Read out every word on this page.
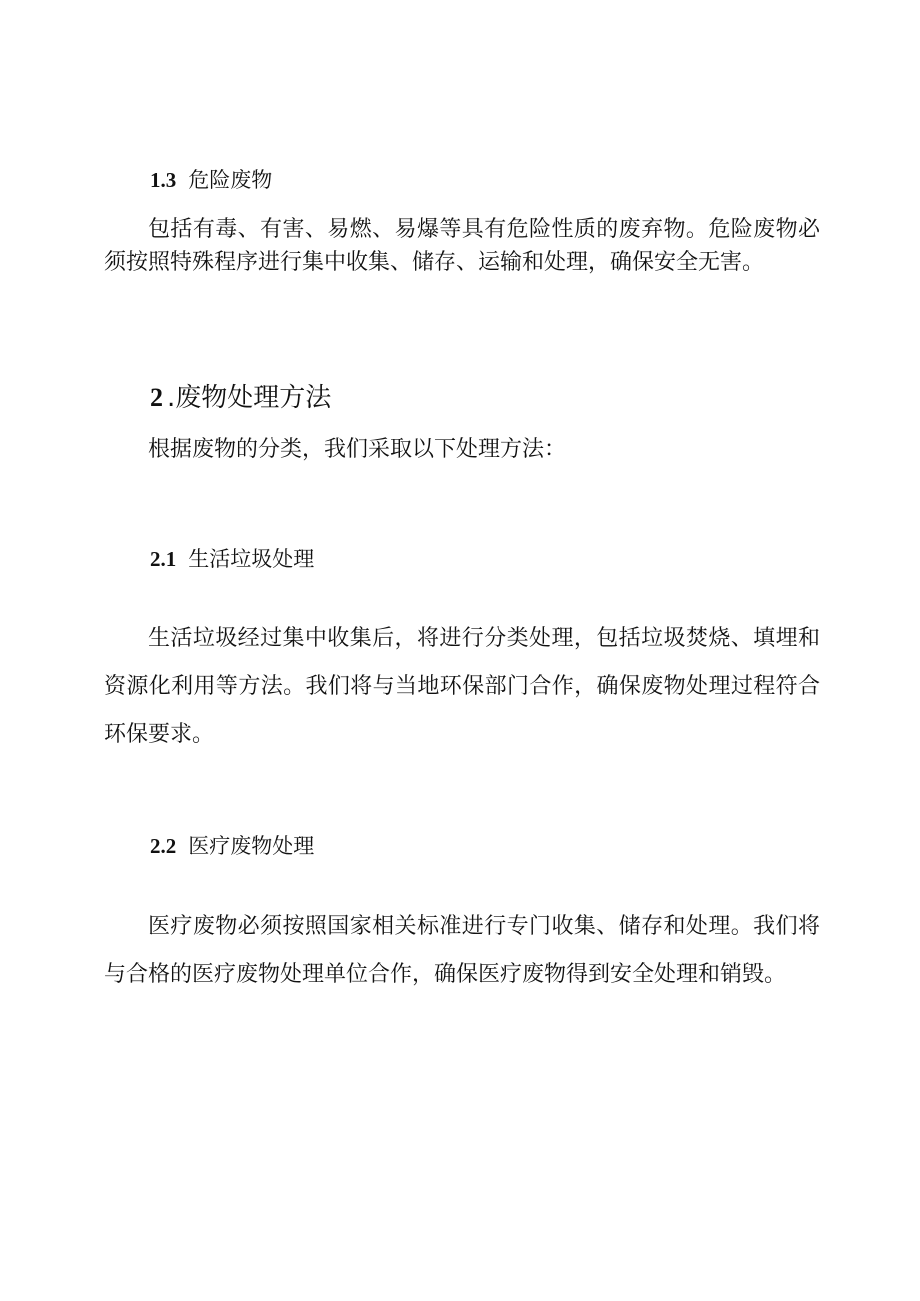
1.3 危险废物

包括有毒、有害、易燃、易爆等具有危险性质的废弃物。危险废物必须按照特殊程序进行集中收集、储存、运输和处理，确保安全无害。

2 .废物处理方法

根据废物的分类，我们采取以下处理方法：

2.1 生活垃圾处理

生活垃圾经过集中收集后，将进行分类处理，包括垃圾焚烧、填埋和资源化利用等方法。我们将与当地环保部门合作，确保废物处理过程符合环保要求。

2.2 医疗废物处理

医疗废物必须按照国家相关标准进行专门收集、储存和处理。我们将与合格的医疗废物处理单位合作，确保医疗废物得到安全处理和销毁。
